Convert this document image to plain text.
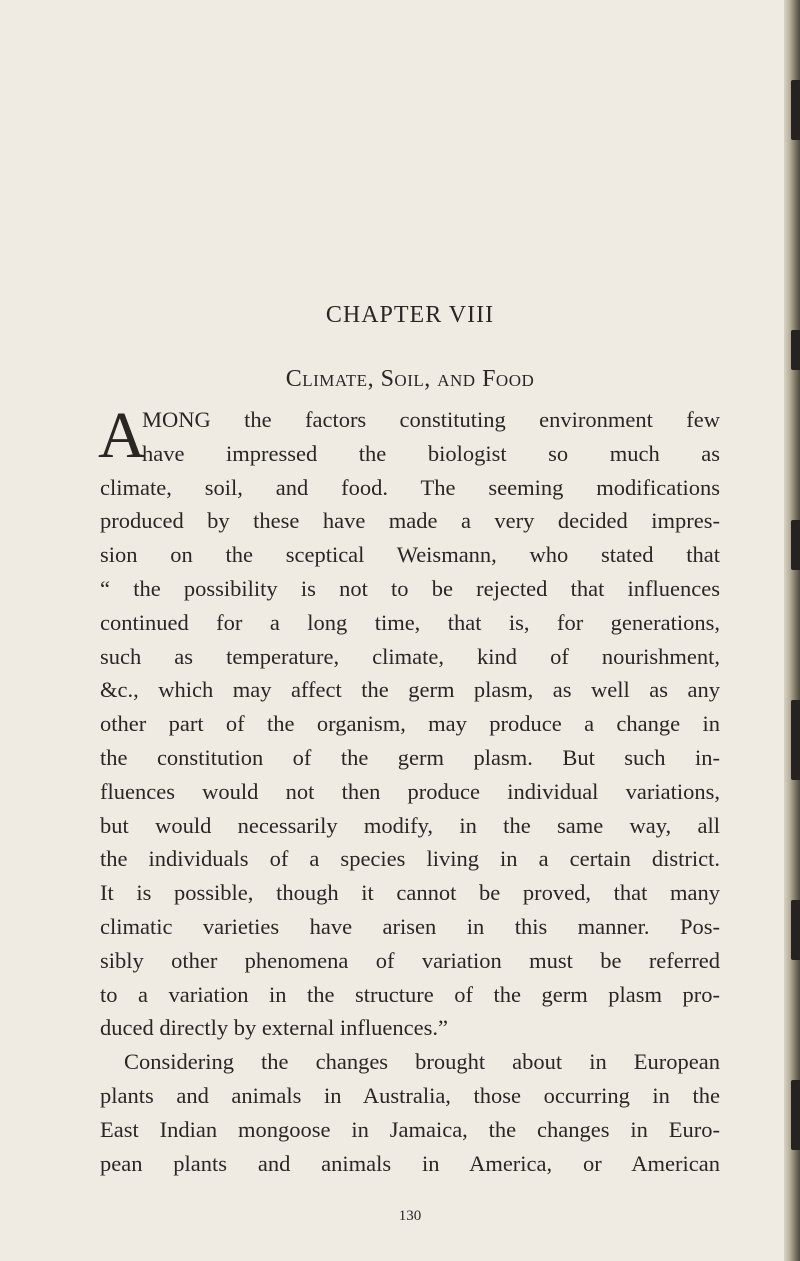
CHAPTER VIII
Climate, Soil, and Food
A
MONG the factors constituting environment few
have impressed the biologist so much as
climate, soil, and food. The seeming modifications
produced by these have made a very decided impres-
sion on the sceptical Weismann, who stated that
“ the possibility is not to be rejected that influences
continued for a long time, that is, for generations,
such as temperature, climate, kind of nourishment,
&c., which may affect the germ plasm, as well as any
other part of the organism, may produce a change in
the constitution of the germ plasm. But such in-
fluences would not then produce individual variations,
but would necessarily modify, in the same way, all
the individuals of a species living in a certain district.
It is possible, though it cannot be proved, that many
climatic varieties have arisen in this manner. Pos-
sibly other phenomena of variation must be referred
to a variation in the structure of the germ plasm pro-
duced directly by external influences.”
Considering the changes brought about in European
plants and animals in Australia, those occurring in the
East Indian mongoose in Jamaica, the changes in Euro-
pean plants and animals in America, or American
130
